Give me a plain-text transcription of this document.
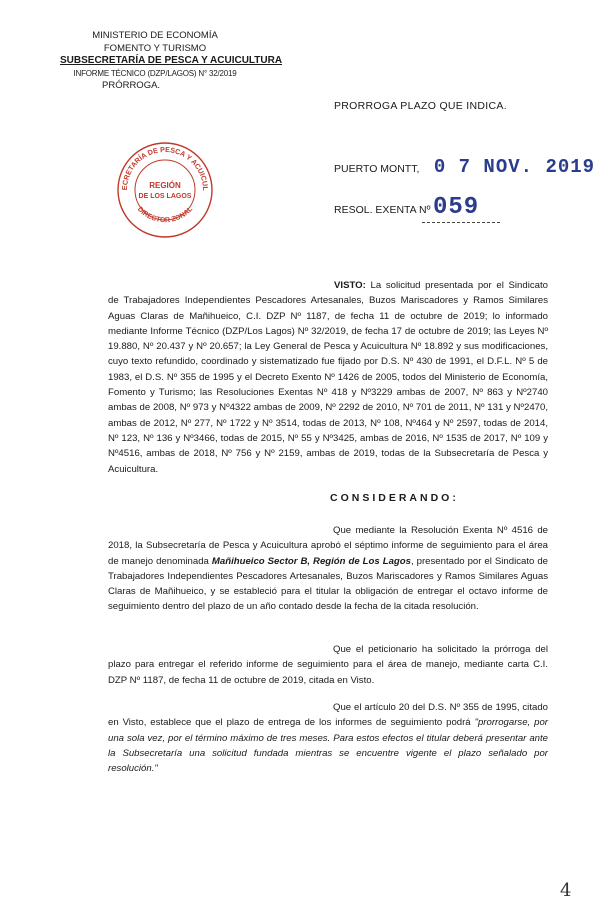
MINISTERIO DE ECONOMÍA
FOMENTO Y TURISMO
SUBSECRETARÍA DE PESCA Y ACUICULTURA
INFORME TÉCNICO (DZP/LAGOS) N° 32/2019
PRÓRROGA.
PRORROGA PLAZO QUE INDICA.
PUERTO MONTT, 0 7 NOV. 2019
RESOL. EXENTA Nº 059
ECRETARÍA DE PESCA Y ACUICUL
DIRECTOR ZONAL
REGIÓN
DE LOS LAGOS

VISTO: La solicitud presentada por el Sindicato de Trabajadores Independientes Pescadores Artesanales, Buzos Mariscadores y Ramos Similares Aguas Claras de Mañihueico, C.I. DZP Nº 1187, de fecha 11 de octubre de 2019; lo informado mediante Informe Técnico (DZP/Los Lagos) Nº 32/2019, de fecha 17 de octubre de 2019; las Leyes Nº 19.880, Nº 20.437 y Nº 20.657; la Ley General de Pesca y Acuicultura Nº 18.892 y sus modificaciones, cuyo texto refundido, coordinado y sistematizado fue fijado por D.S. Nº 430 de 1991, el D.F.L. Nº 5 de 1983, el D.S. Nº 355 de 1995 y el Decreto Exento Nº 1426 de 2005, todos del Ministerio de Economía, Fomento y Turismo; las Resoluciones Exentas Nº 418 y Nº3229 ambas de 2007, Nº 863 y Nº2740 ambas de 2008, Nº 973 y Nº4322 ambas de 2009, Nº 2292 de 2010, Nº 701 de 2011, Nº 131 y Nº2470, ambas de 2012, Nº 277, Nº 1722 y Nº 3514, todas de 2013, Nº 108, Nº464 y Nº 2597, todas de 2014, Nº 123, Nº 136 y Nº3466, todas de 2015, Nº 55 y Nº3425, ambas de 2016, Nº 1535 de 2017, Nº 109 y Nº4516, ambas de 2018, Nº 756 y Nº 2159, ambas de 2019, todas de la Subsecretaría de Pesca y Acuicultura.

CONSIDERANDO:

Que mediante la Resolución Exenta Nº 4516 de 2018, la Subsecretaría de Pesca y Acuicultura aprobó el séptimo informe de seguimiento para el área de manejo denominada Mañihueico Sector B, Región de Los Lagos, presentado por el Sindicato de Trabajadores Independientes Pescadores Artesanales, Buzos Mariscadores y Ramos Similares Aguas Claras de Mañihueico, y se estableció para el titular la obligación de entregar el octavo informe de seguimiento dentro del plazo de un año contado desde la fecha de la citada resolución.

Que el peticionario ha solicitado la prórroga del plazo para entregar el referido informe de seguimiento para el área de manejo, mediante carta C.I. DZP Nº 1187, de fecha 11 de octubre de 2019, citada en Visto.

Que el artículo 20 del D.S. Nº 355 de 1995, citado en Visto, establece que el plazo de entrega de los informes de seguimiento podrá "prorrogarse, por una sola vez, por el término máximo de tres meses. Para estos efectos el titular deberá presentar ante la Subsecretaría una solicitud fundada mientras se encuentre vigente el plazo señalado por resolución."

4
